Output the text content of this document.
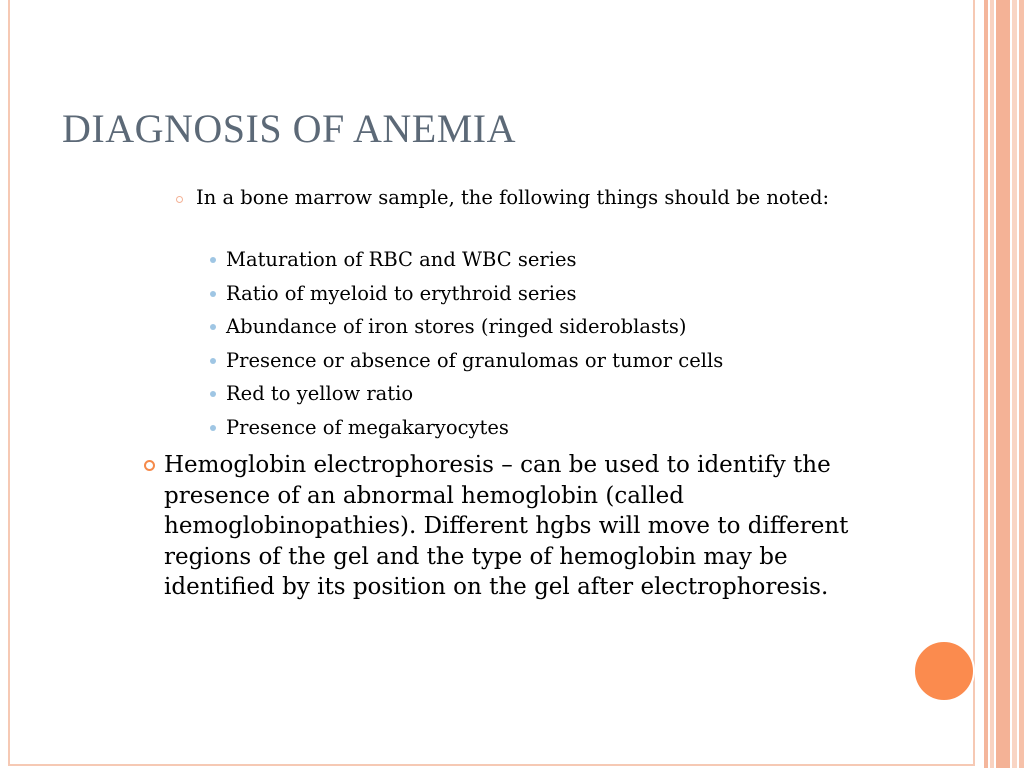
DIAGNOSIS OF ANEMIA
In a bone marrow sample, the following things should be noted:
Maturation of RBC and WBC series
Ratio of myeloid to erythroid series
Abundance of iron stores (ringed sideroblasts)
Presence or absence of granulomas or tumor cells
Red to yellow ratio
Presence of megakaryocytes
Hemoglobin electrophoresis – can be used to identify the presence of an abnormal hemoglobin (called hemoglobinopathies). Different hgbs will move to different regions of the gel and the type of hemoglobin may be identified by its position on the gel after electrophoresis.
